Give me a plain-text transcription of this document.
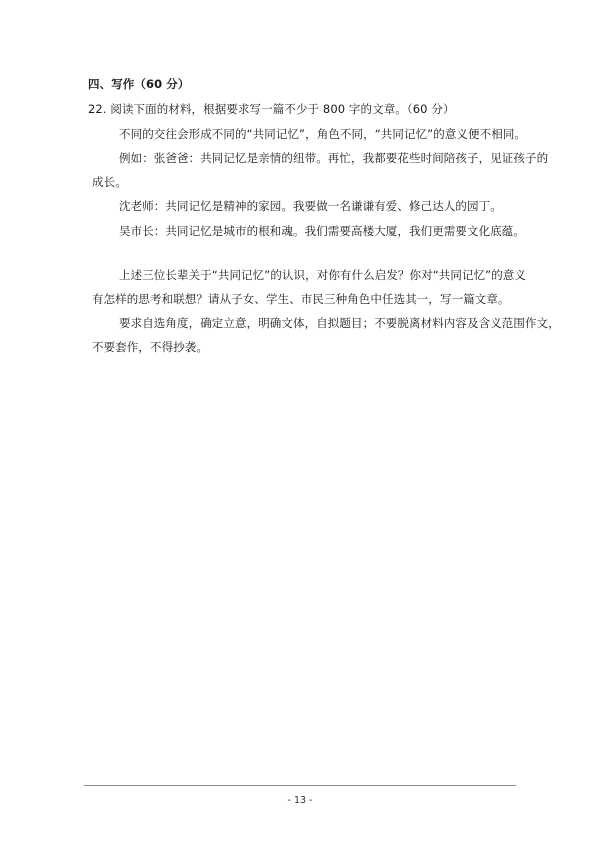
四、写作（60 分）
22. 阅读下面的材料，根据要求写一篇不少于 800 字的文章。（60 分）
不同的交往会形成不同的“共同记忆”，角色不同，“共同记忆”的意义便不相同。
例如：张爸爸：共同记忆是亲情的纽带。再忙，我都要花些时间陪孩子，见证孩子的
成长。
沈老师：共同记忆是精神的家园。我要做一名谦谦有爱、修己达人的园丁。
吴市长：共同记忆是城市的根和魂。我们需要高楼大厦，我们更需要文化底蕴。
上述三位长辈关于“共同记忆”的认识，对你有什么启发？你对“共同记忆”的意义
有怎样的思考和联想？请从子女、学生、市民三种角色中任选其一，写一篇文章。
要求自选角度，确定立意，明确文体，自拟题目；不要脱离材料内容及含义范围作文，
不要套作，不得抄袭。
- 13 -
